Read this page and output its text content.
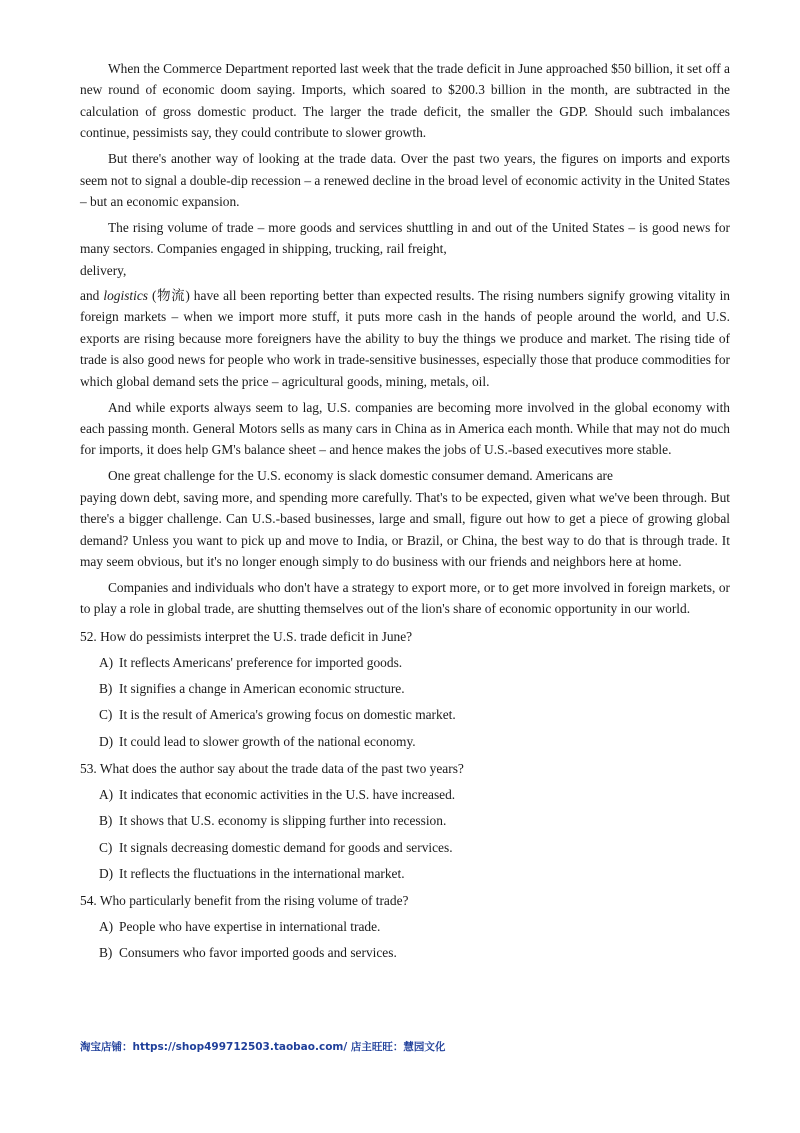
When the Commerce Department reported last week that the trade deficit in June approached $50 billion, it set off a new round of economic doom saying. Imports, which soared to $200.3 billion in the month, are subtracted in the calculation of gross domestic product. The larger the trade deficit, the smaller the GDP. Should such imbalances continue, pessimists say, they could contribute to slower growth.

But there's another way of looking at the trade data. Over the past two years, the figures on imports and exports seem not to signal a double-dip recession – a renewed decline in the broad level of economic activity in the United States – but an economic expansion.

The rising volume of trade – more goods and services shuttling in and out of the United States – is good news for many sectors. Companies engaged in shipping, trucking, rail freight,
delivery,
and logistics (物流) have all been reporting better than expected results. The rising numbers signify growing vitality in foreign markets – when we import more stuff, it puts more cash in the hands of people around the world, and U.S. exports are rising because more foreigners have the ability to buy the things we produce and market. The rising tide of trade is also good news for people who work in trade-sensitive businesses, especially those that produce commodities for which global demand sets the price – agricultural goods, mining, metals, oil.

And while exports always seem to lag, U.S. companies are becoming more involved in the global economy with each passing month. General Motors sells as many cars in China as in America each month. While that may not do much for imports, it does help GM's balance sheet – and hence makes the jobs of U.S.-based executives more stable.

One great challenge for the U.S. economy is slack domestic consumer demand. Americans are
paying down debt, saving more, and spending more carefully. That's to be expected, given what we've been through. But there's a bigger challenge. Can U.S.-based businesses, large and small, figure out how to get a piece of growing global demand? Unless you want to pick up and move to India, or Brazil, or China, the best way to do that is through trade. It may seem obvious, but it's no longer enough simply to do business with our friends and neighbors here at home.

Companies and individuals who don't have a strategy to export more, or to get more involved in foreign markets, or to play a role in global trade, are shutting themselves out of the lion's share of economic opportunity in our world.

52. How do pessimists interpret the U.S. trade deficit in June?

A) It reflects Americans' preference for imported goods.

B) It signifies a change in American economic structure.

C) It is the result of America's growing focus on domestic market.

D) It could lead to slower growth of the national economy.

53. What does the author say about the trade data of the past two years?

A) It indicates that economic activities in the U.S. have increased.

B) It shows that U.S. economy is slipping further into recession.

C) It signals decreasing domestic demand for goods and services.

D) It reflects the fluctuations in the international market.

54. Who particularly benefit from the rising volume of trade?

A) People who have expertise in international trade.

B) Consumers who favor imported goods and services.

淘宝店铺：https://shop499712503.taobao.com/ 店主旺旺：慧园文化
